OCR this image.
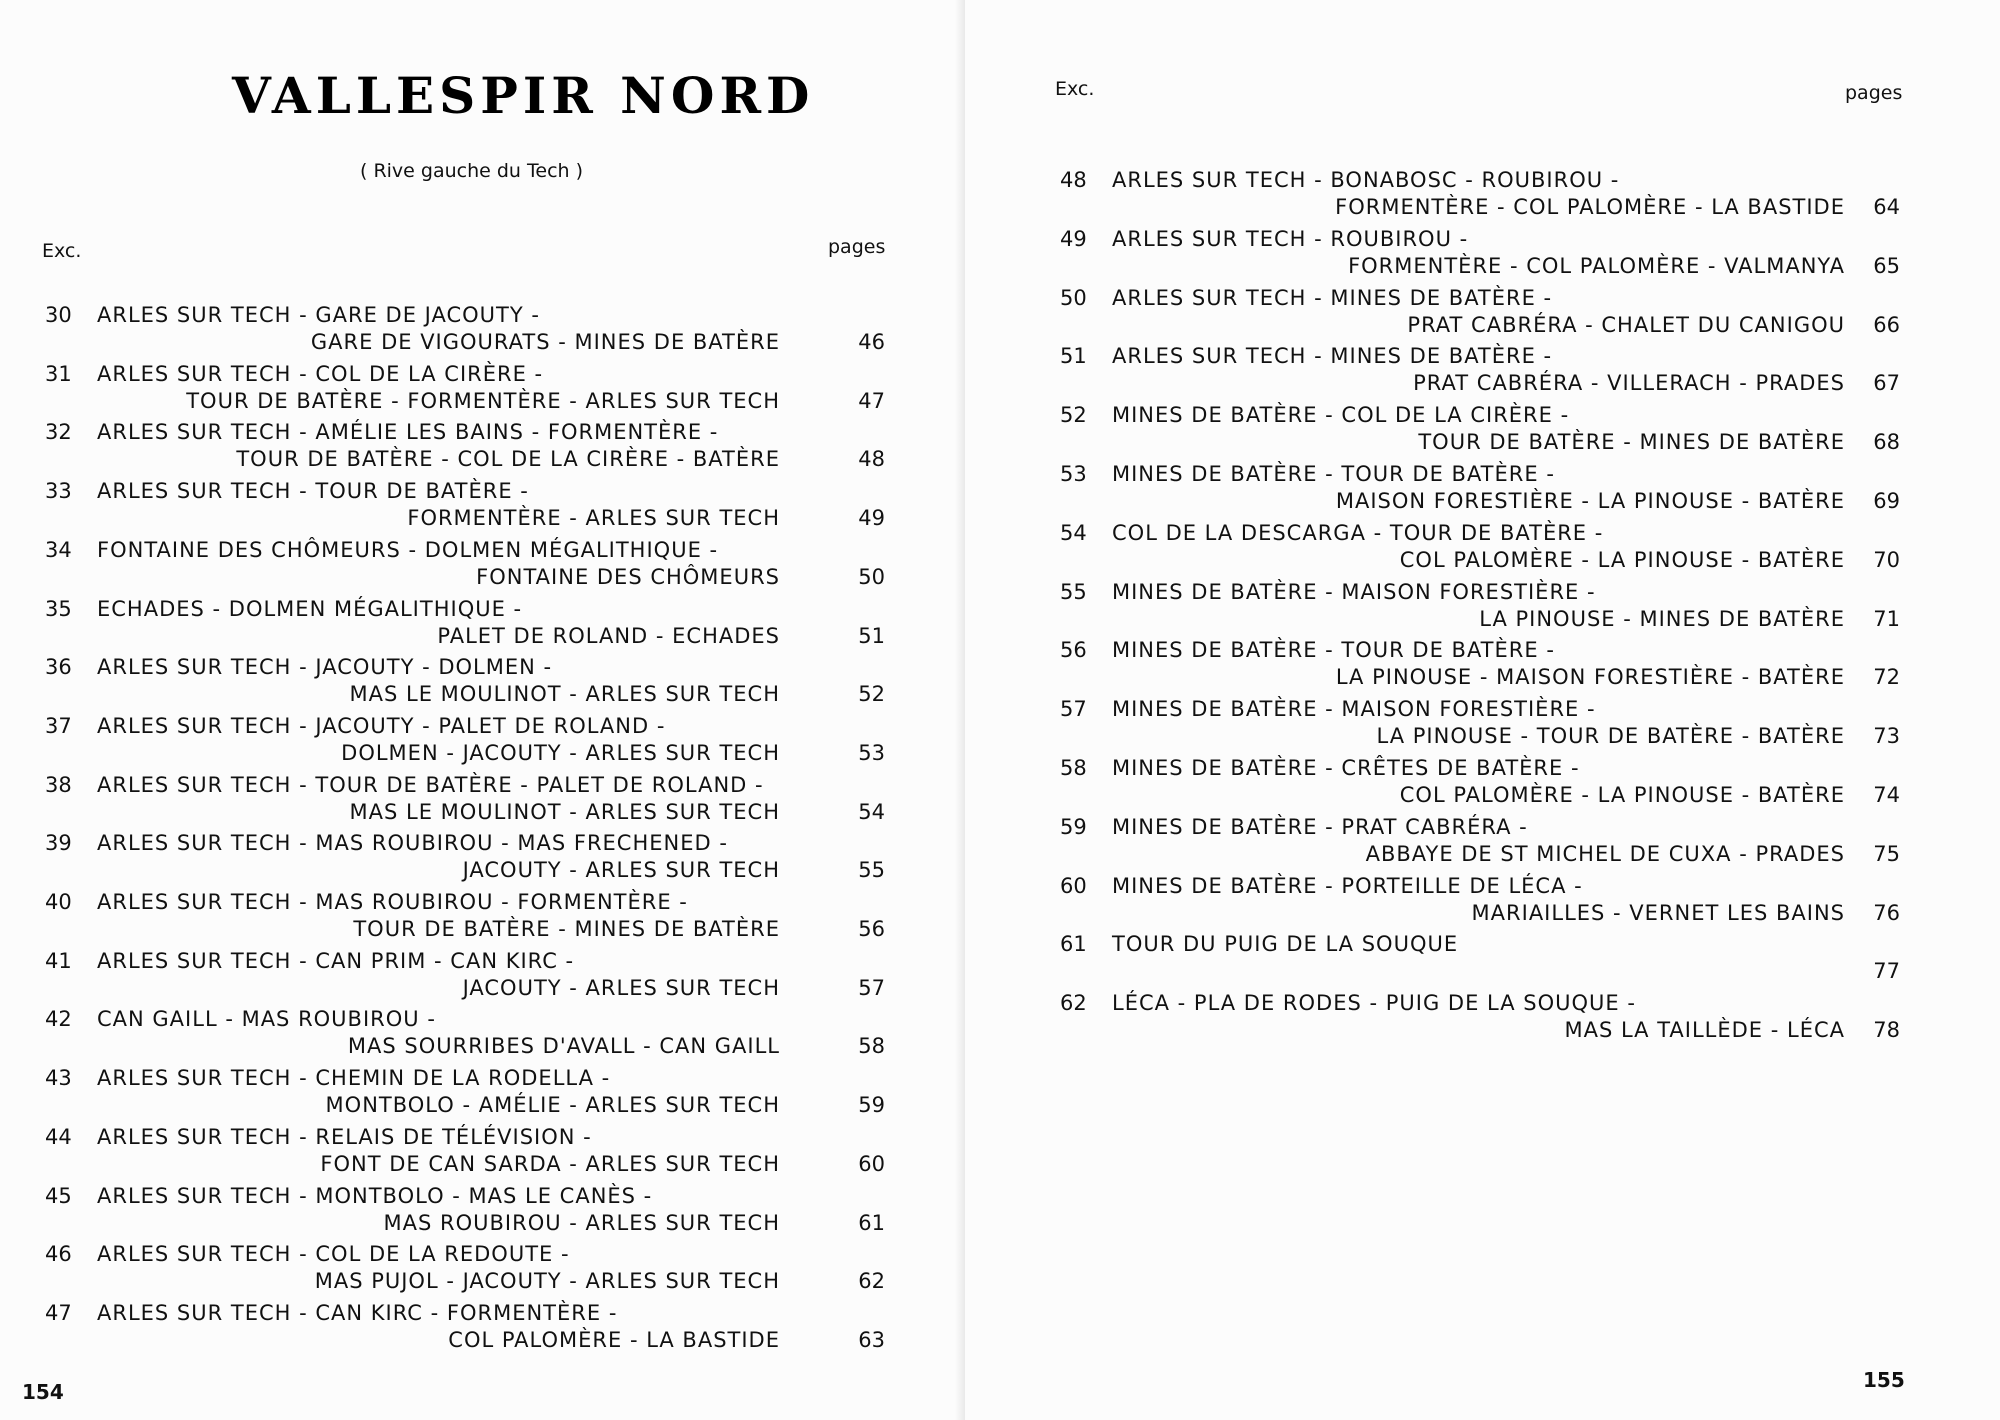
VALLESPIR NORD
( Rive gauche du Tech )
Exc.	pages
30 ARLES SUR TECH - GARE DE JACOUTY -
GARE DE VIGOURATS - MINES DE BATÈRE	46
31 ARLES SUR TECH - COL DE LA CIRÈRE -
TOUR DE BATÈRE - FORMENTÈRE - ARLES SUR TECH	47
32 ARLES SUR TECH - AMÉLIE LES BAINS - FORMENTÈRE -
TOUR DE BATÈRE - COL DE LA CIRÈRE - BATÈRE	48
33 ARLES SUR TECH - TOUR DE BATÈRE -
FORMENTÈRE - ARLES SUR TECH	49
34 FONTAINE DES CHÔMEURS - DOLMEN MÉGALITHIQUE -
FONTAINE DES CHÔMEURS	50
35 ECHADES - DOLMEN MÉGALITHIQUE -
PALET DE ROLAND - ECHADES	51
36 ARLES SUR TECH - JACOUTY - DOLMEN -
MAS LE MOULINOT - ARLES SUR TECH	52
37 ARLES SUR TECH - JACOUTY - PALET DE ROLAND -
DOLMEN - JACOUTY - ARLES SUR TECH	53
38 ARLES SUR TECH - TOUR DE BATÈRE - PALET DE ROLAND -
MAS LE MOULINOT - ARLES SUR TECH	54
39 ARLES SUR TECH - MAS ROUBIROU - MAS FRECHENED -
JACOUTY - ARLES SUR TECH	55
40 ARLES SUR TECH - MAS ROUBIROU - FORMENTÈRE -
TOUR DE BATÈRE - MINES DE BATÈRE	56
41 ARLES SUR TECH - CAN PRIM - CAN KIRC -
JACOUTY - ARLES SUR TECH	57
42 CAN GAILL - MAS ROUBIROU -
MAS SOURRIBES D'AVALL - CAN GAILL	58
43 ARLES SUR TECH - CHEMIN DE LA RODELLA -
MONTBOLO - AMÉLIE - ARLES SUR TECH	59
44 ARLES SUR TECH - RELAIS DE TÉLÉVISION -
FONT DE CAN SARDA - ARLES SUR TECH	60
45 ARLES SUR TECH - MONTBOLO - MAS LE CANÈS -
MAS ROUBIROU - ARLES SUR TECH	61
46 ARLES SUR TECH - COL DE LA REDOUTE -
MAS PUJOL - JACOUTY - ARLES SUR TECH	62
47 ARLES SUR TECH - CAN KIRC - FORMENTÈRE -
COL PALOMÈRE - LA BASTIDE	63
154
Exc.	pages
48 ARLES SUR TECH - BONABOSC - ROUBIROU -
FORMENTÈRE - COL PALOMÈRE - LA BASTIDE	64
49 ARLES SUR TECH - ROUBIROU -
FORMENTÈRE - COL PALOMÈRE - VALMANYA	65
50 ARLES SUR TECH - MINES DE BATÈRE -
PRAT CABRÉRA - CHALET DU CANIGOU	66
51 ARLES SUR TECH - MINES DE BATÈRE -
PRAT CABRÉRA - VILLERACH - PRADES	67
52 MINES DE BATÈRE - COL DE LA CIRÈRE -
TOUR DE BATÈRE - MINES DE BATÈRE	68
53 MINES DE BATÈRE - TOUR DE BATÈRE -
MAISON FORESTIÈRE - LA PINOUSE - BATÈRE	69
54 COL DE LA DESCARGA - TOUR DE BATÈRE -
COL PALOMÈRE - LA PINOUSE - BATÈRE	70
55 MINES DE BATÈRE - MAISON FORESTIÈRE -
LA PINOUSE - MINES DE BATÈRE	71
56 MINES DE BATÈRE - TOUR DE BATÈRE -
LA PINOUSE - MAISON FORESTIÈRE - BATÈRE	72
57 MINES DE BATÈRE - MAISON FORESTIÈRE -
LA PINOUSE - TOUR DE BATÈRE - BATÈRE	73
58 MINES DE BATÈRE - CRÊTES DE BATÈRE -
COL PALOMÈRE - LA PINOUSE - BATÈRE	74
59 MINES DE BATÈRE - PRAT CABRÉRA -
ABBAYE DE ST MICHEL DE CUXA - PRADES	75
60 MINES DE BATÈRE - PORTEILLE DE LÉCA -
MARIAILLES - VERNET LES BAINS	76
61 TOUR DU PUIG DE LA SOUQUE
77
62 LÉCA - PLA DE RODES - PUIG DE LA SOUQUE -
MAS LA TAILLÈDE - LÉCA	78
155
